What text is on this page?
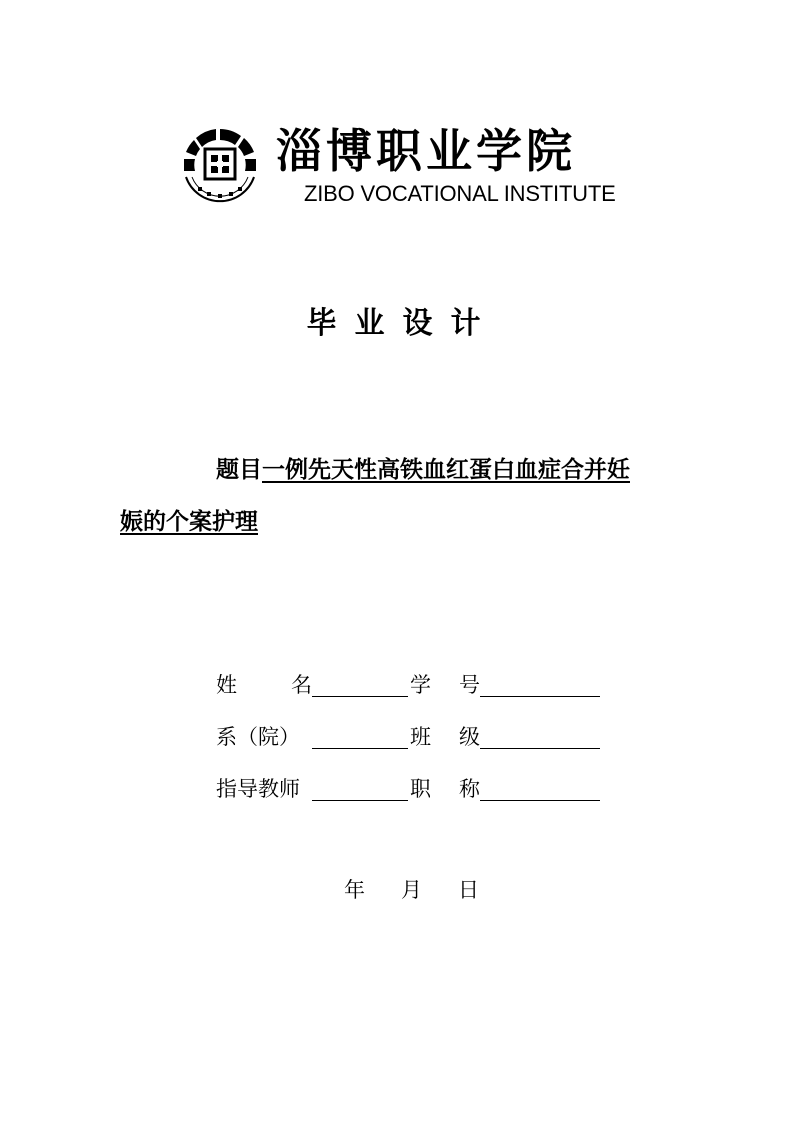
淄博职业学院
ZIBO VOCATIONAL INSTITUTE
毕业设计
题目一例先天性高铁血红蛋白血症合并妊
娠的个案护理
姓	名	学 号
系（院）	班 级
指导教师	职 称
年 月 日
